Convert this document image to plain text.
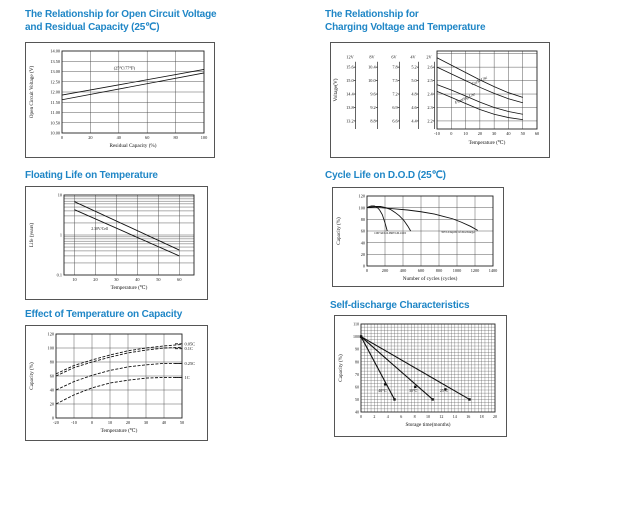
The Relationship for Open Circuit Voltage
and Residual Capacity (25℃)
0	20	40	60	80	100
10.00
10.50
11.00
11.50
12.00
12.50
13.00
13.50
14.00
Residual Capacity (%)
Open Circuit Voltage (V)	(25℃/77℉)
The Relationship for
Charging Voltage and Temperature
-10 0	10 20 30 40 50 60
Temperature (℃)
Voltage(V)
12V
15.6
15.0
14.4
13.8
13.2
8V
10.4
10.0
9.6
9.2
8.8
6V
7.8
7.5
7.2
6.9
6.6
4V
5.2
5.0
4.8
4.6
4.4
2V
2.6
2.5
2.4
2.3
2.2
Cycle Use
Floating Use
Floating Life on Temperature
10	20	30	40	50	60
0.1
1
10
Temperature (℃)
Life (years)	2.30V/Cell
Cycle Life on D.O.D (25℃)
0	200	400	600	800 1000 1200 1400
0
20
40
60
80
100
120
Number of cycles (cycles)
Capacity (%)	100%D.O.D
50%D.O.D	30% Depth of discharge
Effect of Temperature on Capacity
-20	-10	0	10	20	30	40	50
0
20
40
60
80
100
120
Temperature (℃)
Capacity (%)
0.05C
0.1C
0.25C
1C
Self-discharge Characteristics
0	2	4	6	8	10 12 14 16 18 20
40
50
60
70
80
90
100
110
Storage time(months)
Capacity (%)
40℃	30℃	25℃
